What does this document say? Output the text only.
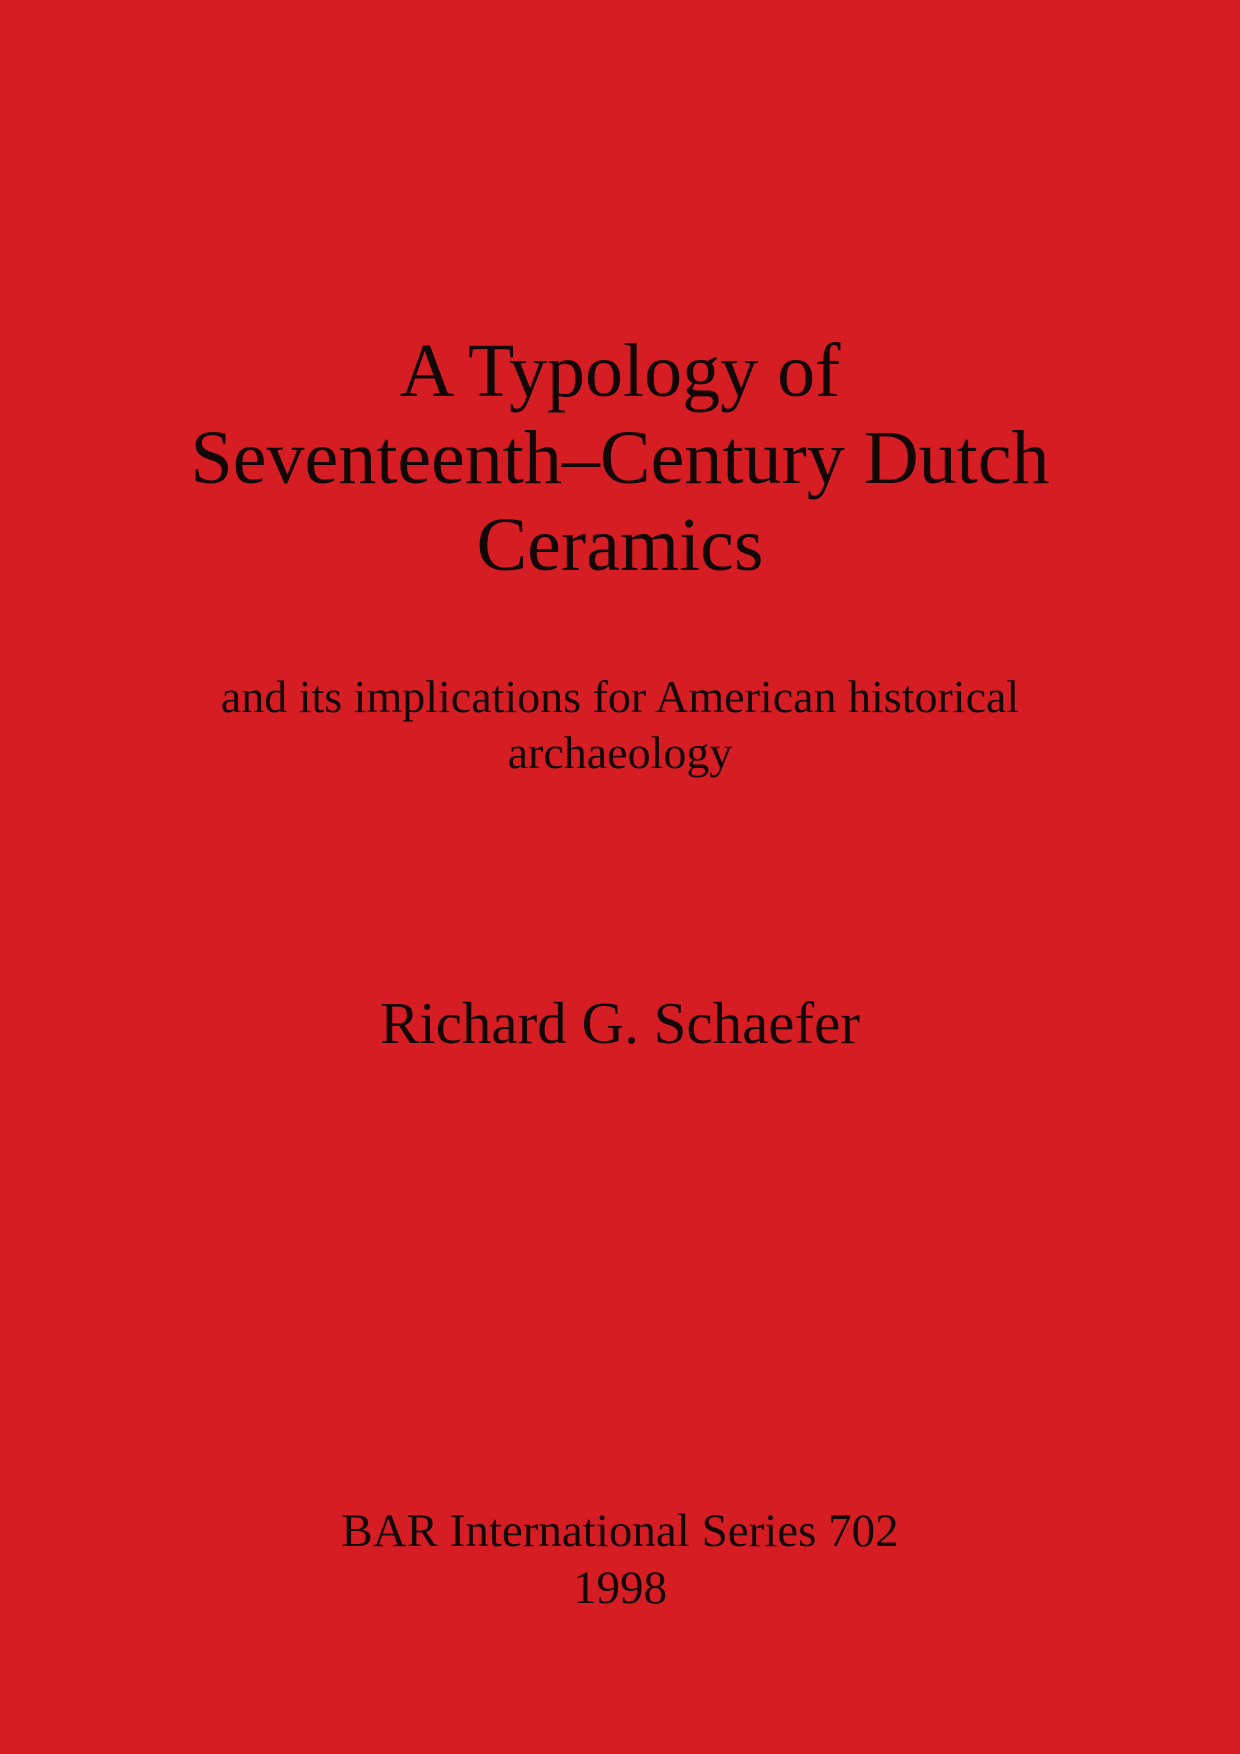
A Typology of
Seventeenth–Century Dutch
Ceramics
and its implications for American historical
archaeology
Richard G. Schaefer
BAR International Series 702
1998
